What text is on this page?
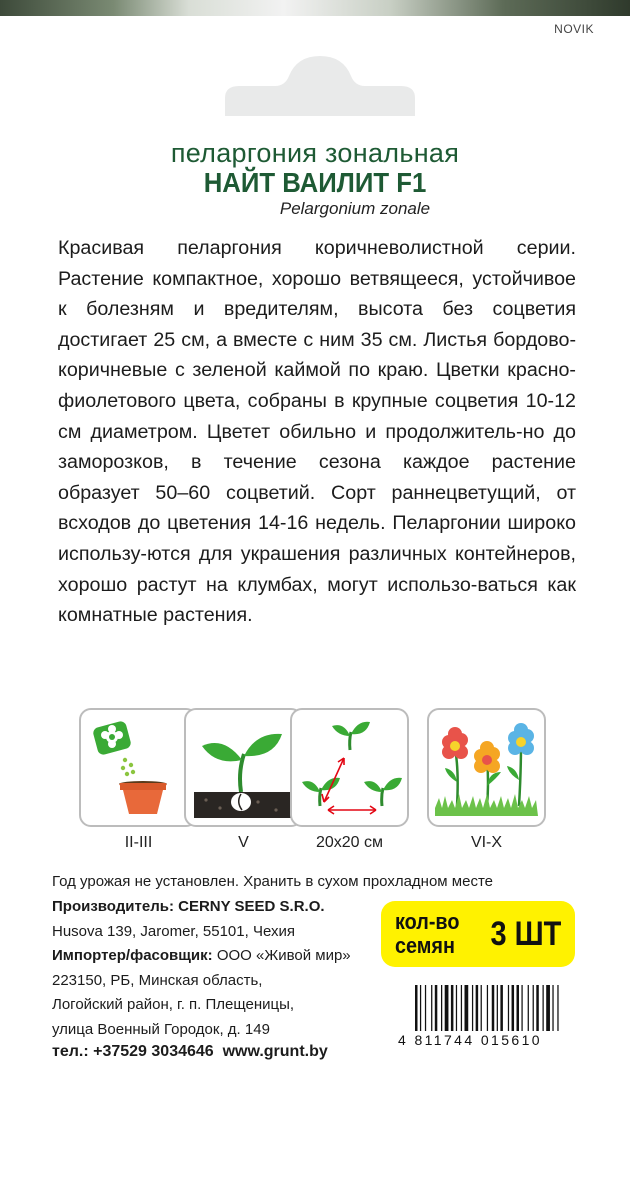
NOVIK
пеларгония зональная
НАЙТ ВАИЛИТ F1
Pelargonium zonale
Красивая пеларгония коричневолистной серии. Растение компактное, хорошо ветвящееся, устойчивое к болезням и вредителям, высота без соцветия достигает 25 см, а вместе с ним 35 см. Листья бордово-коричневые с зеленой каймой по краю. Цветки красно-фиолетового цвета, собраны в крупные соцветия 10-12 см диаметром. Цветет обильно и продолжитель-но до заморозков, в течение сезона каждое растение образует 50–60 соцветий. Сорт раннецветущий, от всходов до цветения 14-16 недель. Пеларгонии широко использу-ются для украшения различных контейнеров, хорошо растут на клумбах, могут использо-ваться как комнатные растения.
II-III	V	20x20 см	VI-X
Год урожая не установлен. Хранить в сухом прохладном месте
Производитель: CERNY SEED S.R.O.
Husova 139, Jaromer, 55101, Чехия
Импортер/фасовщик: ООО «Живой мир»
223150, РБ, Минская область,
Логойский район, г. п. Плещеницы,
улица Военный Городок, д. 149
тел.: +37529 3034646  www.grunt.by
кол-во
семян 3 ШТ
4 811744 015610
